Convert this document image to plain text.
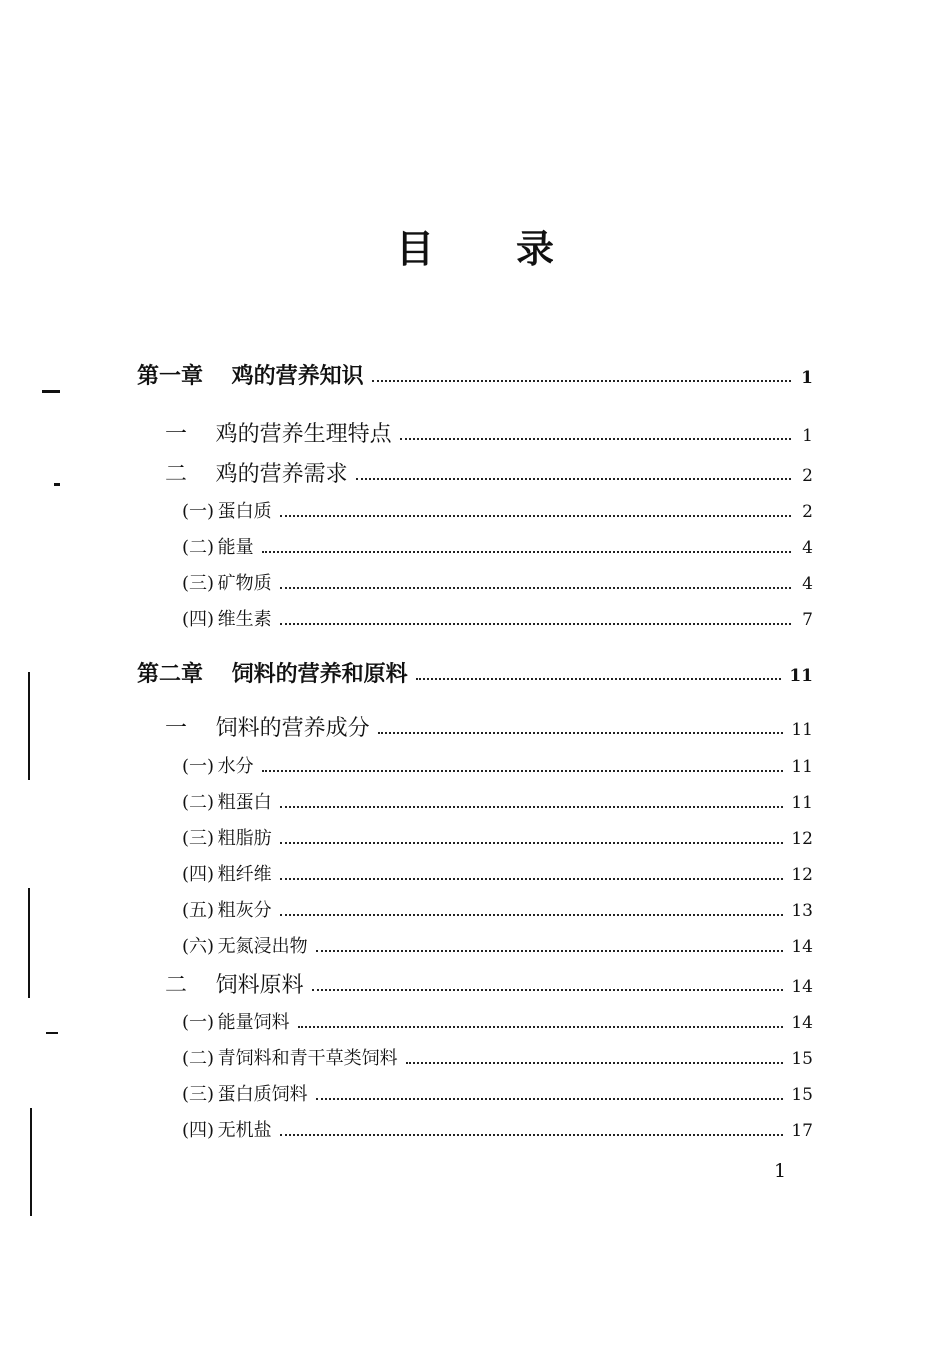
目 录
第一章 鸡的营养知识	1
一 鸡的营养生理特点	1
二 鸡的营养需求	2
(一) 蛋白质	2
(二) 能量	4
(三) 矿物质	4
(四) 维生素	7
第二章 饲料的营养和原料	11
一 饲料的营养成分	11
(一) 水分	11
(二) 粗蛋白	11
(三) 粗脂肪	12
(四) 粗纤维	12
(五) 粗灰分	13
(六) 无氮浸出物	14
二 饲料原料	14
(一) 能量饲料	14
(二) 青饲料和青干草类饲料	15
(三) 蛋白质饲料	15
(四) 无机盐	17
1
